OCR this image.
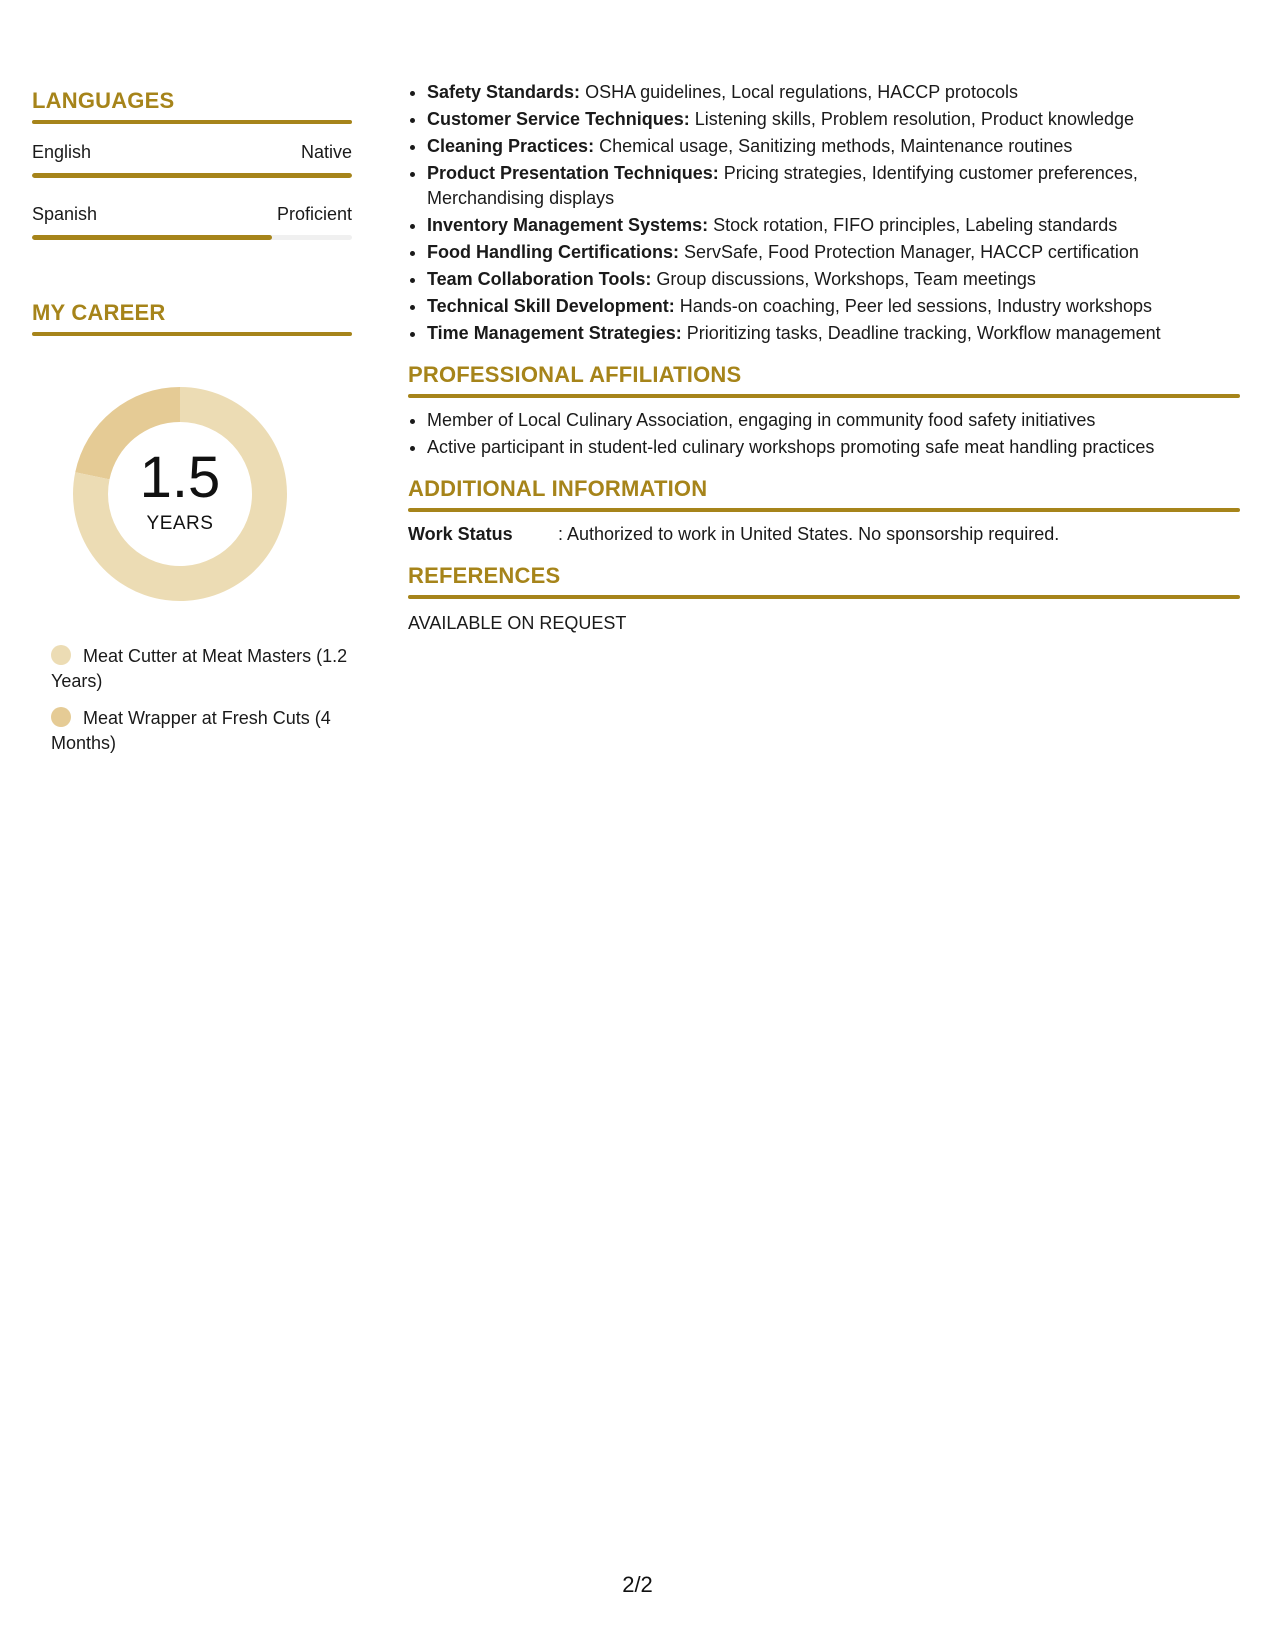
LANGUAGES
English	Native
Spanish	Proficient
MY CAREER
1.5
YEARS
Meat Cutter at Meat Masters (1.2 Years)
Meat Wrapper at Fresh Cuts (4 Months)
• Safety Standards: OSHA guidelines, Local regulations, HACCP protocols
• Customer Service Techniques: Listening skills, Problem resolution, Product knowledge
• Cleaning Practices: Chemical usage, Sanitizing methods, Maintenance routines
• Product Presentation Techniques: Pricing strategies, Identifying customer preferences, Merchandising displays
• Inventory Management Systems: Stock rotation, FIFO principles, Labeling standards
• Food Handling Certifications: ServSafe, Food Protection Manager, HACCP certification
• Team Collaboration Tools: Group discussions, Workshops, Team meetings
• Technical Skill Development: Hands-on coaching, Peer led sessions, Industry workshops
• Time Management Strategies: Prioritizing tasks, Deadline tracking, Workflow management
PROFESSIONAL AFFILIATIONS
• Member of Local Culinary Association, engaging in community food safety initiatives
• Active participant in student-led culinary workshops promoting safe meat handling practices
ADDITIONAL INFORMATION
Work Status	: Authorized to work in United States. No sponsorship required.
REFERENCES
AVAILABLE ON REQUEST
2/2
